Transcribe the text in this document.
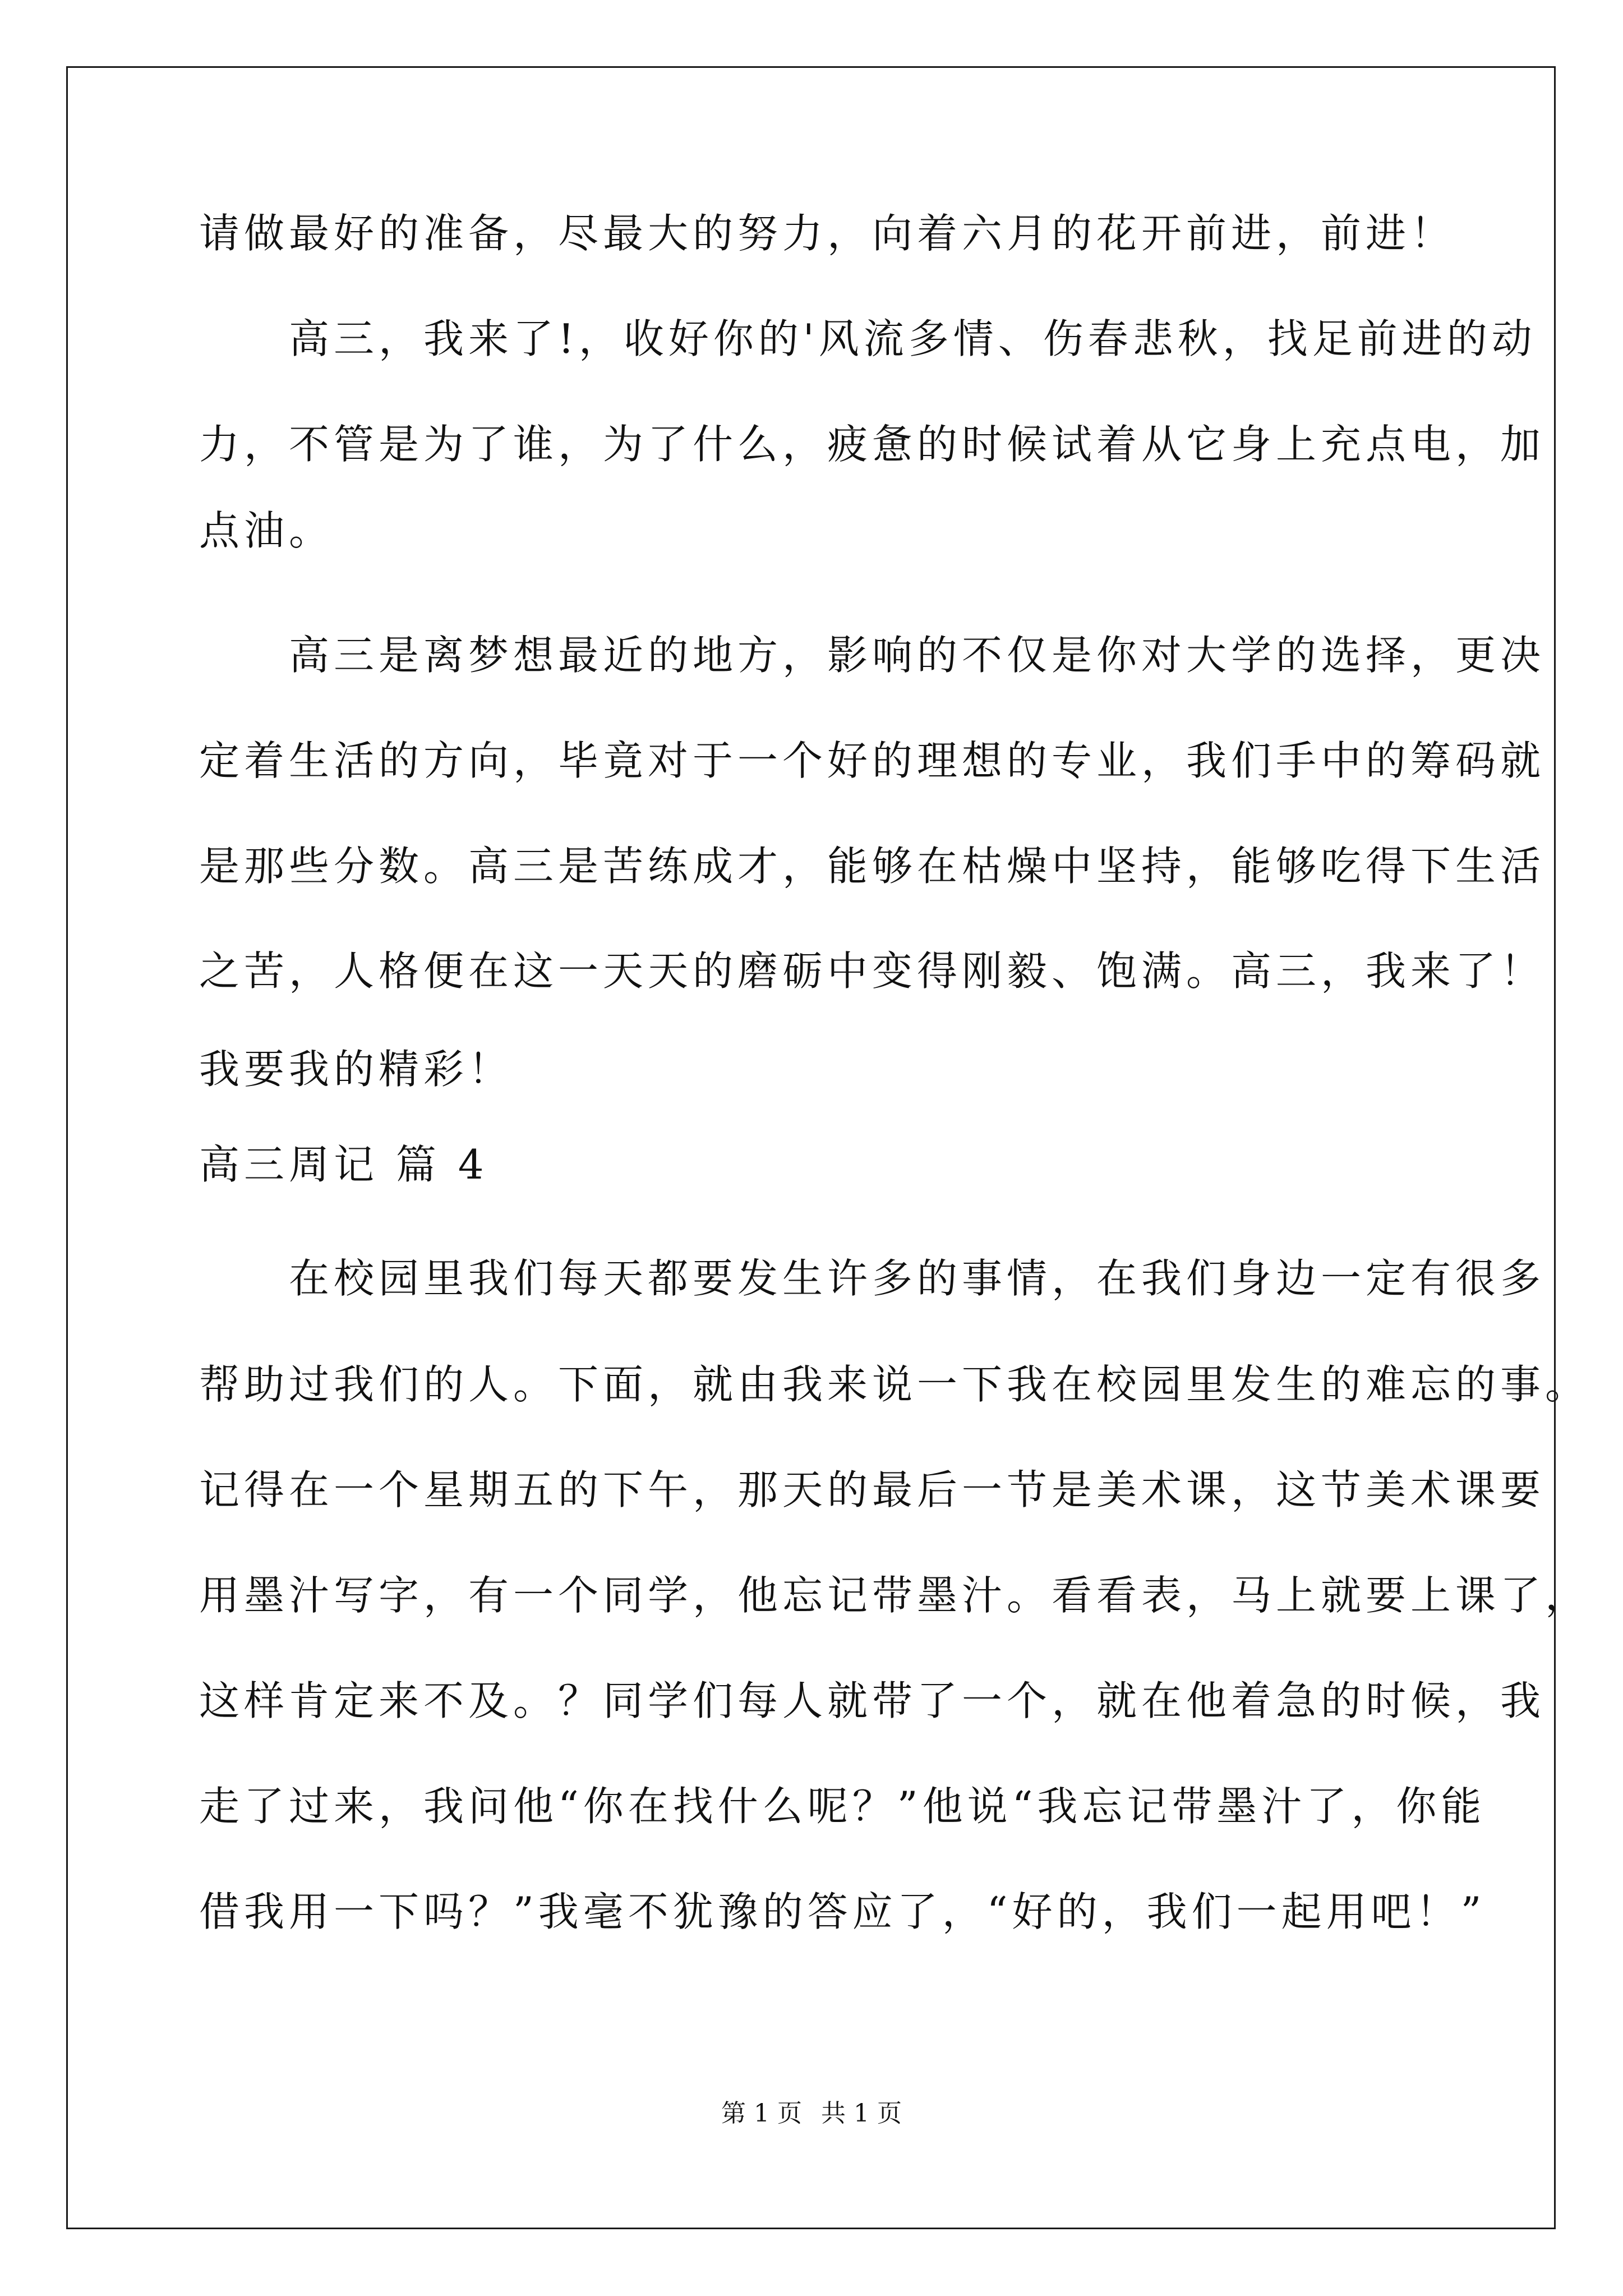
请做最好的准备，尽最大的努力，向着六月的花开前进，前进！
　　高三，我来了!，收好你的'风流多情、伤春悲秋，找足前进的动
力，不管是为了谁，为了什么，疲惫的时候试着从它身上充点电，加
点油。
　　高三是离梦想最近的地方，影响的不仅是你对大学的选择，更决
定着生活的方向，毕竟对于一个好的理想的专业，我们手中的筹码就
是那些分数。高三是苦练成才，能够在枯燥中坚持，能够吃得下生活
之苦，人格便在这一天天的磨砺中变得刚毅、饱满。高三，我来了！
我要我的精彩！
高三周记 篇 4
　　在校园里我们每天都要发生许多的事情，在我们身边一定有很多
帮助过我们的人。下面，就由我来说一下我在校园里发生的难忘的事。
记得在一个星期五的下午，那天的最后一节是美术课，这节美术课要
用墨汁写字，有一个同学，他忘记带墨汁。看看表，马上就要上课了，
这样肯定来不及。？同学们每人就带了一个，就在他着急的时候，我
走了过来，我问他“你在找什么呢？”他说“我忘记带墨汁了，你能
借我用一下吗？”我毫不犹豫的答应了，“好的，我们一起用吧！”
第 1 页 共 1 页
